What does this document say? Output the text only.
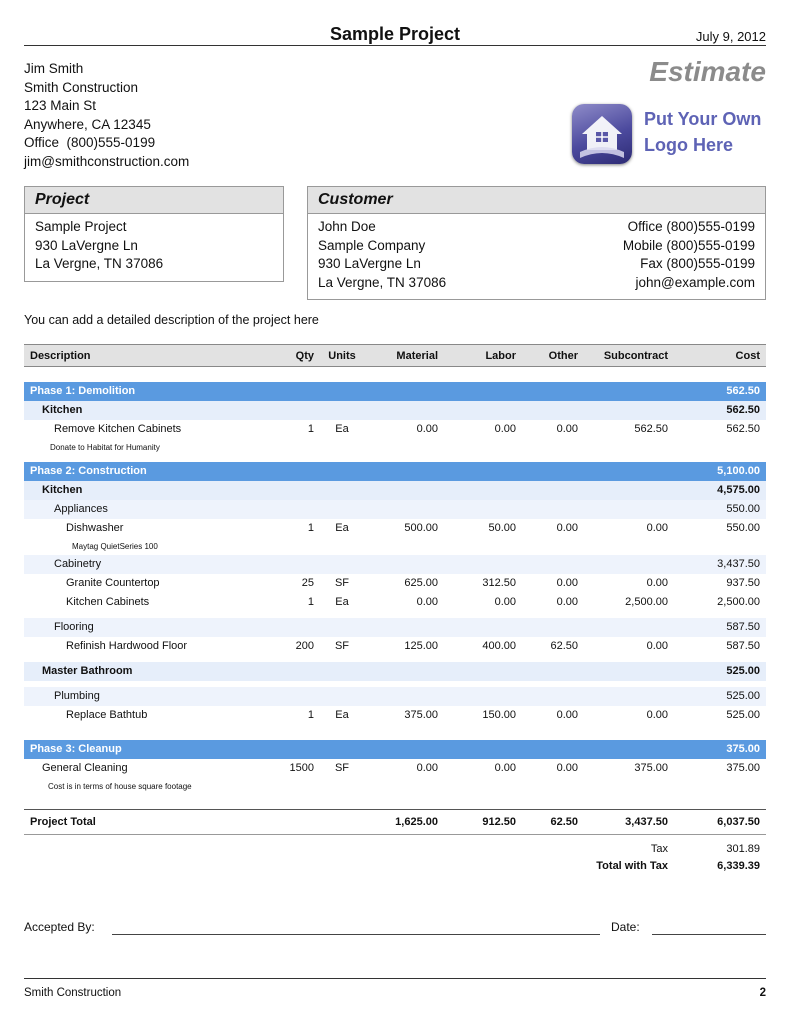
Sample Project	July 9, 2012
Jim Smith
Smith Construction
123 Main St
Anywhere, CA 12345
Office  (800)555-0199
jim@smithconstruction.com
Estimate
Put Your Own
Logo Here
Project
Sample Project
930 LaVergne Ln
La Vergne, TN 37086
Customer
John Doe
Sample Company
930 LaVergne Ln
La Vergne, TN 37086
Office (800)555-0199
Mobile (800)555-0199
Fax (800)555-0199
john@example.com
You can add a detailed description of the project here
Description	Qty	Units	Material	Labor	Other	Subcontract	Cost

Phase 1: Demolition							562.50
Kitchen							562.50
Remove Kitchen Cabinets	1	Ea	0.00	0.00	0.00	562.50	562.50
Donate to Habitat for Humanity							

Phase 2: Construction							5,100.00
Kitchen							4,575.00
Appliances							550.00
Dishwasher	1	Ea	500.00	50.00	0.00	0.00	550.00
Maytag QuietSeries 100							
Cabinetry							3,437.50
Granite Countertop	25	SF	625.00	312.50	0.00	0.00	937.50
Kitchen Cabinets	1	Ea	0.00	0.00	0.00	2,500.00	2,500.00

Flooring							587.50
Refinish Hardwood Floor	200	SF	125.00	400.00	62.50	0.00	587.50

Master Bathroom							525.00

Plumbing							525.00
Replace Bathtub	1	Ea	375.00	150.00	0.00	0.00	525.00

Phase 3: Cleanup							375.00
General Cleaning	1500	SF	0.00	0.00	0.00	375.00	375.00
Cost is in terms of house square footage							

Project Total			1,625.00	912.50	62.50	3,437.50	6,037.50

Tax							301.89
Total with Tax							6,339.39
Accepted By:	Date:
Smith Construction	2
